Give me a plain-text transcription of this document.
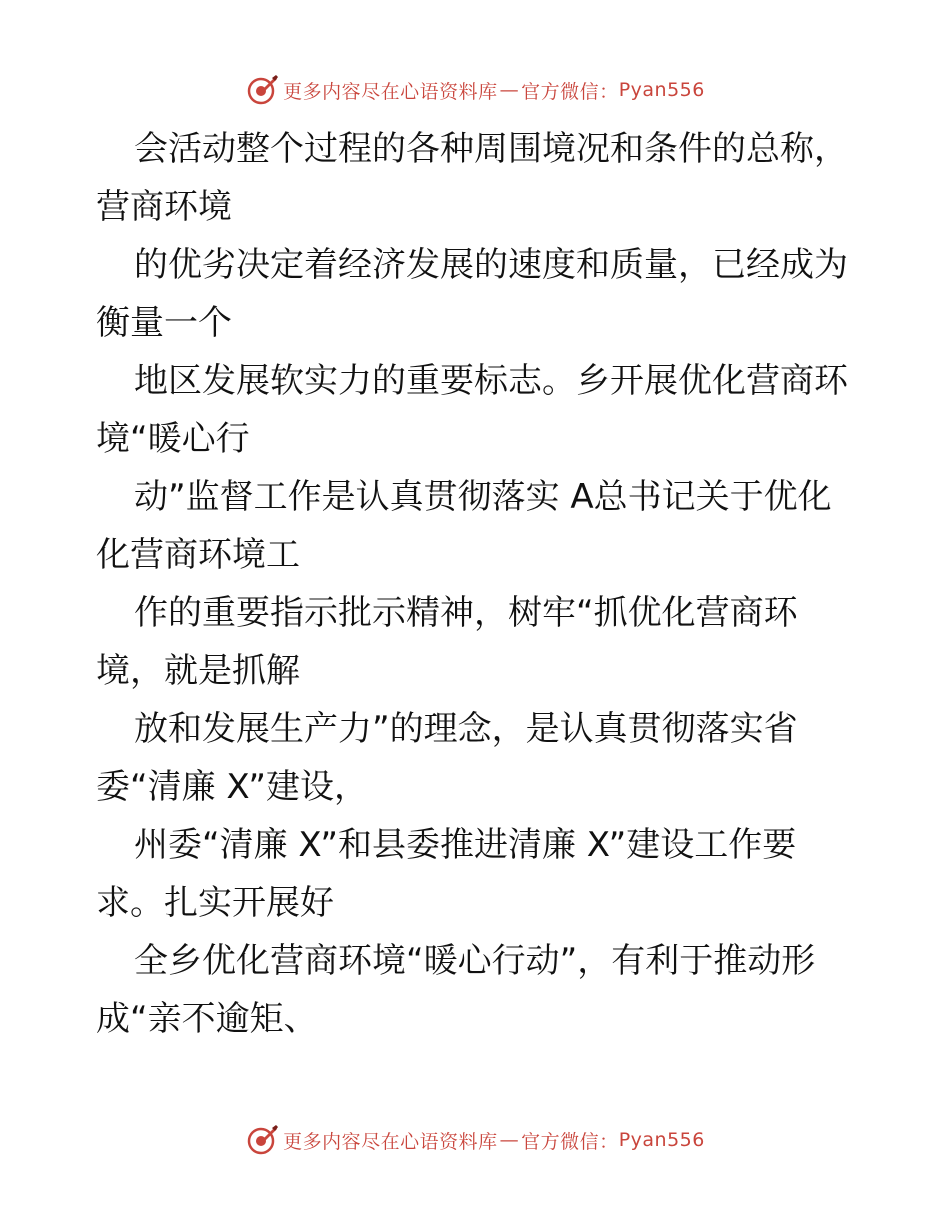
更多内容尽在心语资料库 — 官方微信： Pyan556

会活动整个过程的各种周围境况和条件的总称，
营商环境

的优劣决定着经济发展的速度和质量，已经成为
衡量一个

地区发展软实力的重要标志。乡开展优化营商环
境“暖心行

动”监督工作是认真贯彻落实 A总书记关于优化
化营商环境工

作的重要指示批示精神，树牢“抓优化营商环
境，就是抓解

放和发展生产力”的理念，是认真贯彻落实省
委“清廉 X”建设，

州委“清廉 X”和县委推进清廉 X”建设工作要
求。扎实开展好

全乡优化营商环境“暖心行动”，有利于推动形
成“亲不逾矩、

更多内容尽在心语资料库 — 官方微信： Pyan556
